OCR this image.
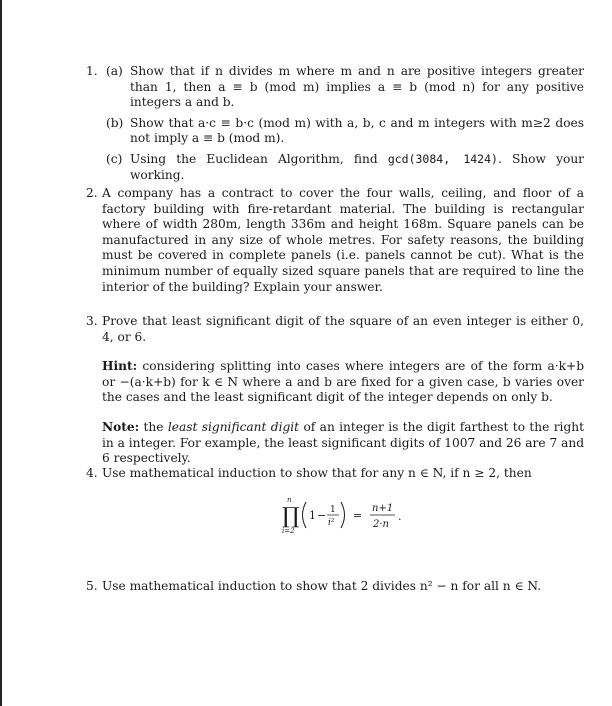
1. (a) Show that if n divides m where m and n are positive integers greater than 1, then a ≡ b (mod m) implies a ≡ b (mod n) for any positive integers a and b.
(b) Show that a·c ≡ b·c (mod m) with a, b, c and m integers with m≥2 does not imply a ≡ b (mod m).
(c) Using the Euclidean Algorithm, find gcd(3084, 1424). Show your working.
2. A company has a contract to cover the four walls, ceiling, and floor of a factory building with fire-retardant material. The building is rectangular where of width 280m, length 336m and height 168m. Square panels can be manufactured in any size of whole metres. For safety reasons, the building must be covered in complete panels (i.e. panels cannot be cut). What is the minimum number of equally sized square panels that are required to line the interior of the building? Explain your answer.
3. Prove that least significant digit of the square of an even integer is either 0, 4, or 6.
Hint: considering splitting into cases where integers are of the form a·k+b or −(a·k+b) for k ∈ N where a and b are fixed for a given case, b varies over the cases and the least significant digit of the integer depends on only b.
Note: the least significant digit of an integer is the digit farthest to the right in a integer. For example, the least significant digits of 1007 and 26 are 7 and 6 respectively.
4. Use mathematical induction to show that for any n ∈ N, if n ≥ 2, then
n
∏
i=2
1 − 1
i²
=
n+1
2·n
.
5. Use mathematical induction to show that 2 divides n² − n for all n ∈ N.
